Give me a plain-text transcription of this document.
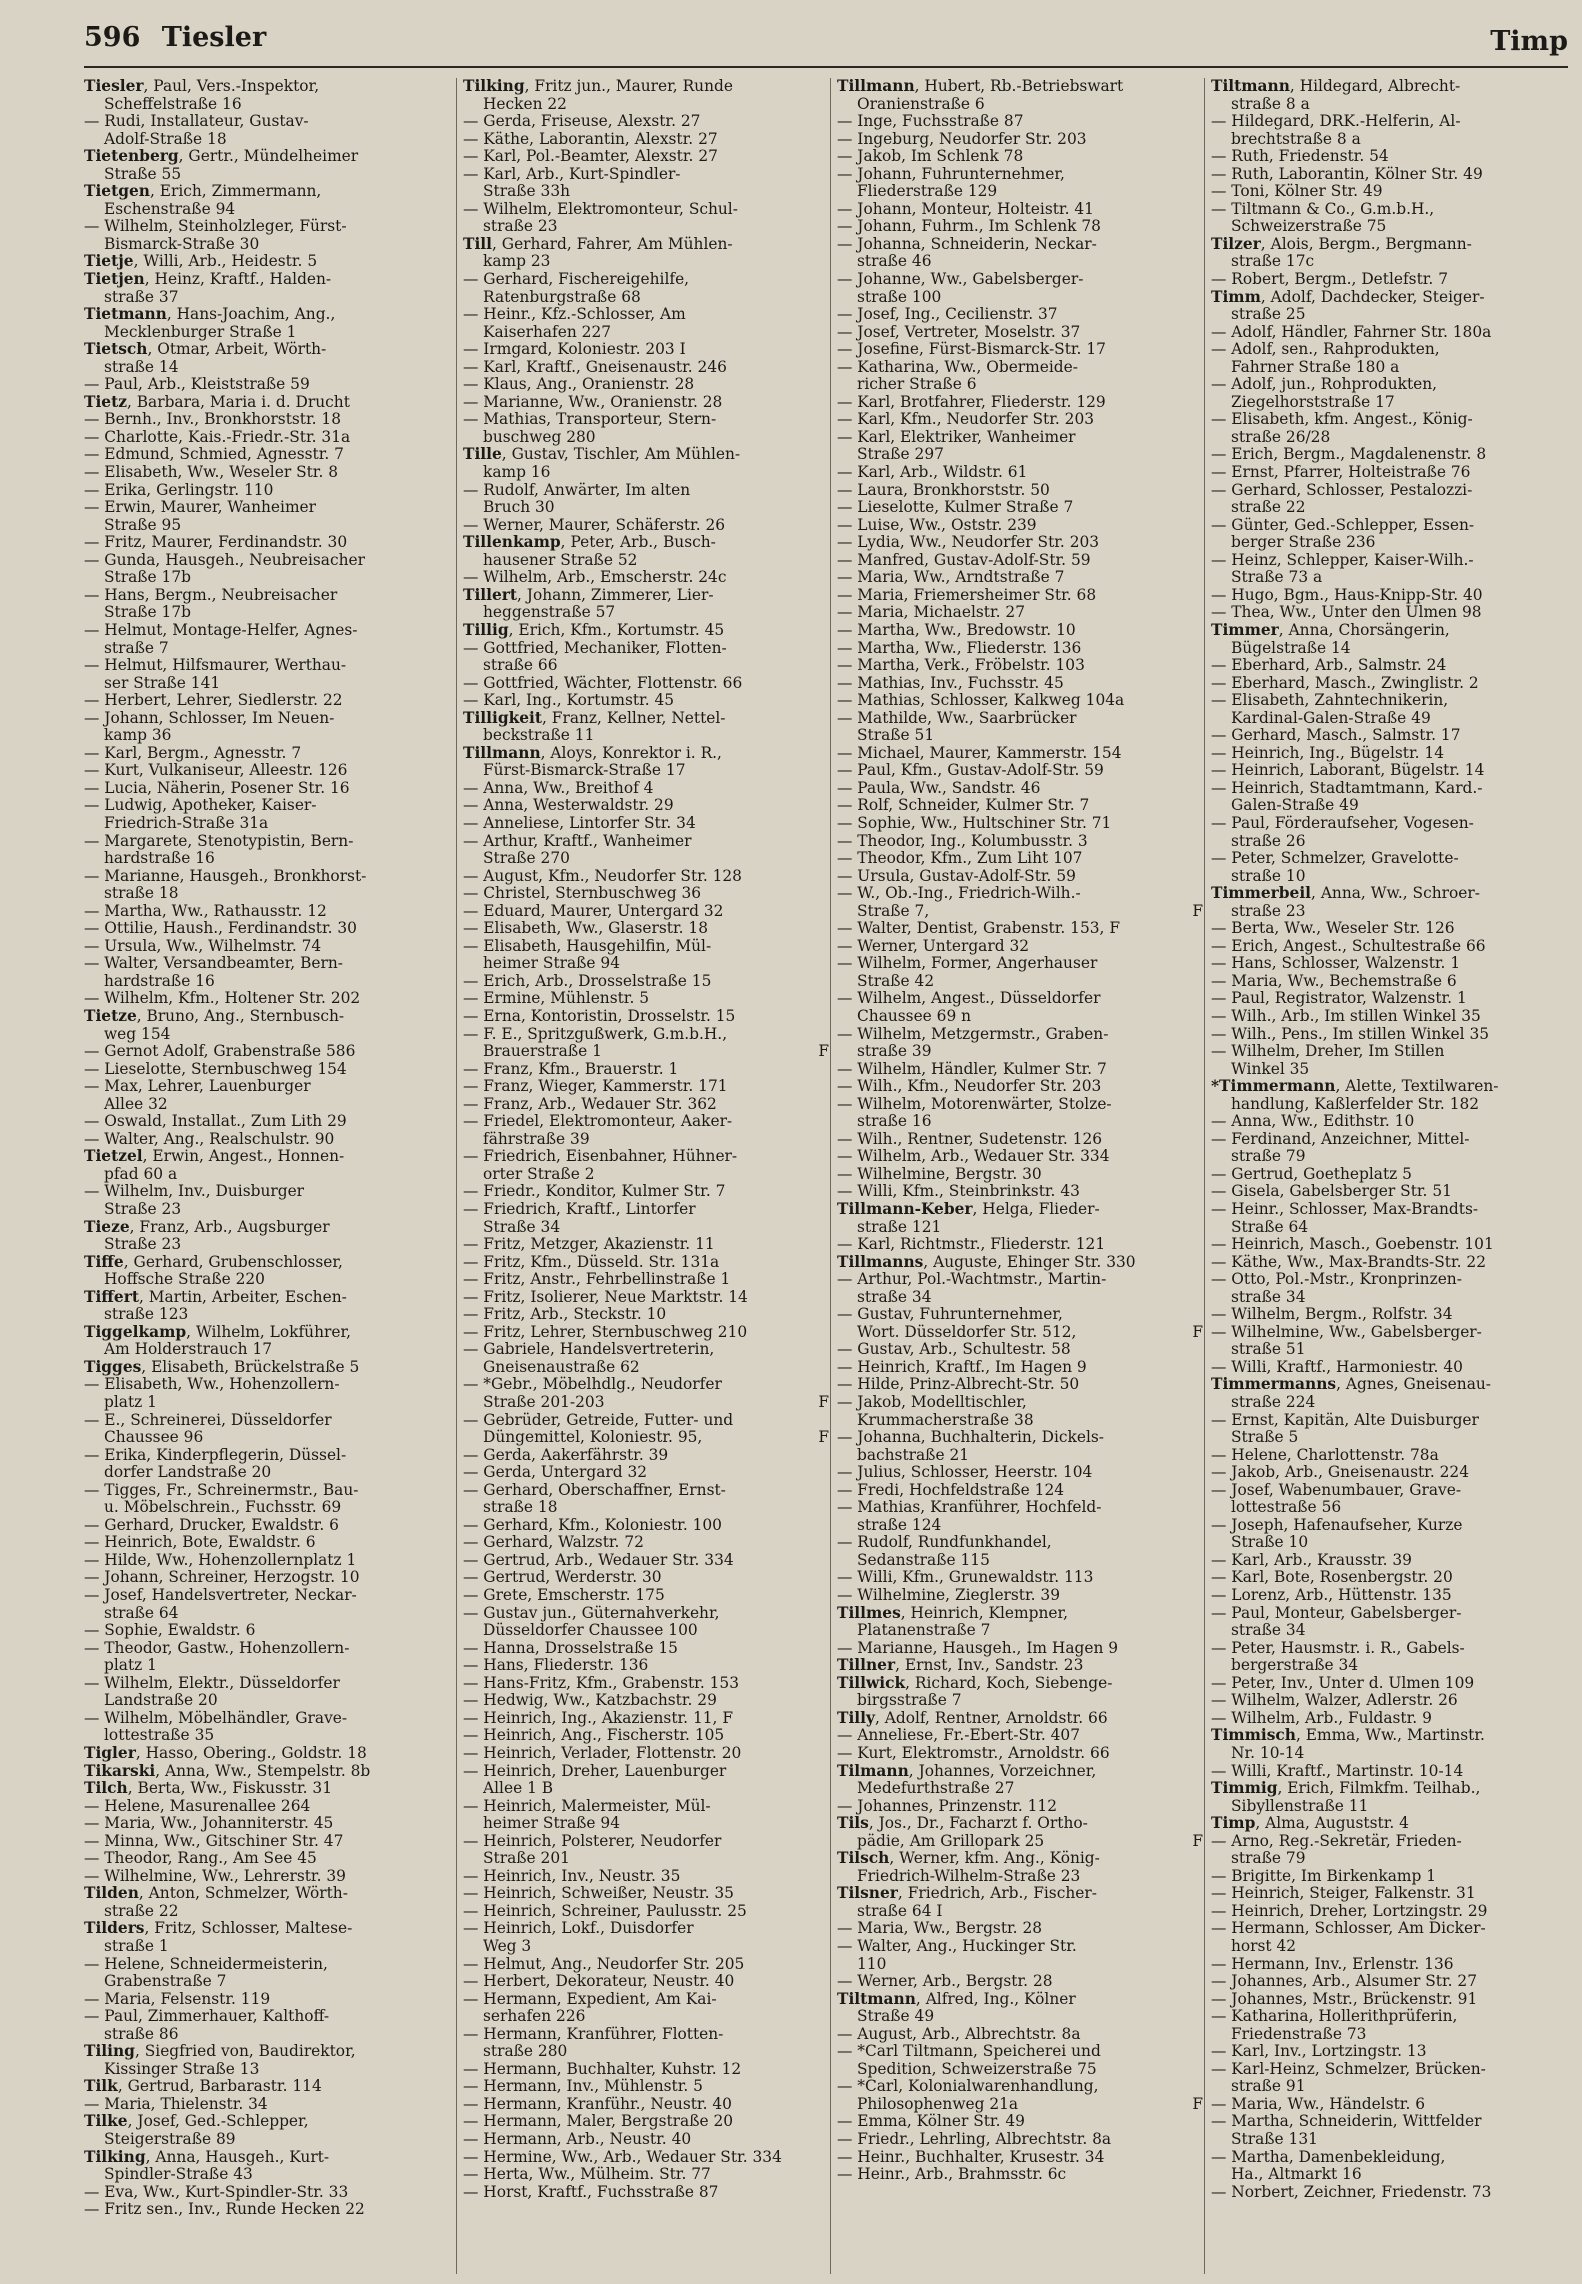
596 Tiesler	Timp
Tiesler, Paul, Vers.-Inspektor,
Scheffelstraße 16
— Rudi, Installateur, Gustav-
Adolf-Straße 18
Tietenberg, Gertr., Mündelheimer
Straße 55
Tietgen, Erich, Zimmermann,
Eschenstraße 94
— Wilhelm, Steinholzleger, Fürst-
Bismarck-Straße 30
Tietje, Willi, Arb., Heidestr. 5
Tietjen, Heinz, Kraftf., Halden-
straße 37
Tietmann, Hans-Joachim, Ang.,
Mecklenburger Straße 1
Tietsch, Otmar, Arbeit, Wörth-
straße 14
— Paul, Arb., Kleiststraße 59
Tietz, Barbara, Maria i. d. Drucht
— Bernh., Inv., Bronkhorststr. 18
— Charlotte, Kais.-Friedr.-Str. 31a
— Edmund, Schmied, Agnesstr. 7
— Elisabeth, Ww., Weseler Str. 8
— Erika, Gerlingstr. 110
— Erwin, Maurer, Wanheimer
Straße 95
— Fritz, Maurer, Ferdinandstr. 30
— Gunda, Hausgeh., Neubreisacher
Straße 17b
— Hans, Bergm., Neubreisacher
Straße 17b
— Helmut, Montage-Helfer, Agnes-
straße 7
— Helmut, Hilfsmaurer, Werthau-
ser Straße 141
— Herbert, Lehrer, Siedlerstr. 22
— Johann, Schlosser, Im Neuen-
kamp 36
— Karl, Bergm., Agnesstr. 7
— Kurt, Vulkaniseur, Alleestr. 126
— Lucia, Näherin, Posener Str. 16
— Ludwig, Apotheker, Kaiser-
Friedrich-Straße 31a
— Margarete, Stenotypistin, Bern-
hardstraße 16
— Marianne, Hausgeh., Bronkhorst-
straße 18
— Martha, Ww., Rathausstr. 12
— Ottilie, Haush., Ferdinandstr. 30
— Ursula, Ww., Wilhelmstr. 74
— Walter, Versandbeamter, Bern-
hardstraße 16
— Wilhelm, Kfm., Holtener Str. 202
Tietze, Bruno, Ang., Sternbusch-
weg 154
— Gernot Adolf, Grabenstraße 586
— Lieselotte, Sternbuschweg 154
— Max, Lehrer, Lauenburger
Allee 32
— Oswald, Installat., Zum Lith 29
— Walter, Ang., Realschulstr. 90
Tietzel, Erwin, Angest., Honnen-
pfad 60 a
— Wilhelm, Inv., Duisburger
Straße 23
Tieze, Franz, Arb., Augsburger
Straße 23
Tiffe, Gerhard, Grubenschlosser,
Hoffsche Straße 220
Tiffert, Martin, Arbeiter, Eschen-
straße 123
Tiggelkamp, Wilhelm, Lokführer,
Am Holderstrauch 17
Tigges, Elisabeth, Brückelstraße 5
— Elisabeth, Ww., Hohenzollern-
platz 1
— E., Schreinerei, Düsseldorfer
Chaussee 96
— Erika, Kinderpflegerin, Düssel-
dorfer Landstraße 20
— Tigges, Fr., Schreinermstr., Bau-
u. Möbelschrein., Fuchsstr. 69
— Gerhard, Drucker, Ewaldstr. 6
— Heinrich, Bote, Ewaldstr. 6
— Hilde, Ww., Hohenzollernplatz 1
— Johann, Schreiner, Herzogstr. 10
— Josef, Handelsvertreter, Neckar-
straße 64
— Sophie, Ewaldstr. 6
— Theodor, Gastw., Hohenzollern-
platz 1
— Wilhelm, Elektr., Düsseldorfer
Landstraße 20
— Wilhelm, Möbelhändler, Grave-
lottestraße 35
Tigler, Hasso, Obering., Goldstr. 18
Tikarski, Anna, Ww., Stempelstr. 8b
Tilch, Berta, Ww., Fiskusstr. 31
— Helene, Masurenallee 264
— Maria, Ww., Johanniterstr. 45
— Minna, Ww., Gitschiner Str. 47
— Theodor, Rang., Am See 45
— Wilhelmine, Ww., Lehrerstr. 39
Tilden, Anton, Schmelzer, Wörth-
straße 22
Tilders, Fritz, Schlosser, Maltese-
straße 1
— Helene, Schneidermeisterin,
Grabenstraße 7
— Maria, Felsenstr. 119
— Paul, Zimmerhauer, Kalthoff-
straße 86
Tiling, Siegfried von, Baudirektor,
Kissinger Straße 13
Tilk, Gertrud, Barbarastr. 114
— Maria, Thielenstr. 34
Tilke, Josef, Ged.-Schlepper,
Steigerstraße 89
Tilking, Anna, Hausgeh., Kurt-
Spindler-Straße 43
— Eva, Ww., Kurt-Spindler-Str. 33
— Fritz sen., Inv., Runde Hecken 22
Tilking, Fritz jun., Maurer, Runde
Hecken 22
— Gerda, Friseuse, Alexstr. 27
— Käthe, Laborantin, Alexstr. 27
— Karl, Pol.-Beamter, Alexstr. 27
— Karl, Arb., Kurt-Spindler-
Straße 33h
— Wilhelm, Elektromonteur, Schul-
straße 23
Till, Gerhard, Fahrer, Am Mühlen-
kamp 23
— Gerhard, Fischereigehilfe,
Ratenburgstraße 68
— Heinr., Kfz.-Schlosser, Am
Kaiserhafen 227
— Irmgard, Koloniestr. 203 I
— Karl, Kraftf., Gneisenaustr. 246
— Klaus, Ang., Oranienstr. 28
— Marianne, Ww., Oranienstr. 28
— Mathias, Transporteur, Stern-
buschweg 280
Tille, Gustav, Tischler, Am Mühlen-
kamp 16
— Rudolf, Anwärter, Im alten
Bruch 30
— Werner, Maurer, Schäferstr. 26
Tillenkamp, Peter, Arb., Busch-
hausener Straße 52
— Wilhelm, Arb., Emscherstr. 24c
Tillert, Johann, Zimmerer, Lier-
heggenstraße 57
Tillig, Erich, Kfm., Kortumstr. 45
— Gottfried, Mechaniker, Flotten-
straße 66
— Gottfried, Wächter, Flottenstr. 66
— Karl, Ing., Kortumstr. 45
Tilligkeit, Franz, Kellner, Nettel-
beckstraße 11
Tillmann, Aloys, Konrektor i. R.,
Fürst-Bismarck-Straße 17
— Anna, Ww., Breithof 4
— Anna, Westerwaldstr. 29
— Anneliese, Lintorfer Str. 34
— Arthur, Kraftf., Wanheimer
Straße 270
— August, Kfm., Neudorfer Str. 128
— Christel, Sternbuschweg 36
— Eduard, Maurer, Untergard 32
— Elisabeth, Ww., Glaserstr. 18
— Elisabeth, Hausgehilfin, Mül-
heimer Straße 94
— Erich, Arb., Drosselstraße 15
— Ermine, Mühlenstr. 5
— Erna, Kontoristin, Drosselstr. 15
— F. E., Spritzgußwerk, G.m.b.H.,
Brauerstraße 1	F
— Franz, Kfm., Brauerstr. 1
— Franz, Wieger, Kammerstr. 171
— Franz, Arb., Wedauer Str. 362
— Friedel, Elektromonteur, Aaker-
fährstraße 39
— Friedrich, Eisenbahner, Hühner-
orter Straße 2
— Friedr., Konditor, Kulmer Str. 7
— Friedrich, Kraftf., Lintorfer
Straße 34
— Fritz, Metzger, Akazienstr. 11
— Fritz, Kfm., Düsseld. Str. 131a
— Fritz, Anstr., Fehrbellinstraße 1
— Fritz, Isolierer, Neue Marktstr. 14
— Fritz, Arb., Steckstr. 10
— Fritz, Lehrer, Sternbuschweg 210
— Gabriele, Handelsvertreterin,
Gneisenaustraße 62
— *Gebr., Möbelhdlg., Neudorfer
Straße 201-203	F
— Gebrüder, Getreide, Futter- und
Düngemittel, Koloniestr. 95,	F
— Gerda, Aakerfährstr. 39
— Gerda, Untergard 32
— Gerhard, Oberschaffner, Ernst-
straße 18
— Gerhard, Kfm., Koloniestr. 100
— Gerhard, Walzstr. 72
— Gertrud, Arb., Wedauer Str. 334
— Gertrud, Werderstr. 30
— Grete, Emscherstr. 175
— Gustav jun., Güternahverkehr,
Düsseldorfer Chaussee 100
— Hanna, Drosselstraße 15
— Hans, Fliederstr. 136
— Hans-Fritz, Kfm., Grabenstr. 153
— Hedwig, Ww., Katzbachstr. 29
— Heinrich, Ing., Akazienstr. 11, F
— Heinrich, Ang., Fischerstr. 105
— Heinrich, Verlader, Flottenstr. 20
— Heinrich, Dreher, Lauenburger
Allee 1 B
— Heinrich, Malermeister, Mül-
heimer Straße 94
— Heinrich, Polsterer, Neudorfer
Straße 201
— Heinrich, Inv., Neustr. 35
— Heinrich, Schweißer, Neustr. 35
— Heinrich, Schreiner, Paulusstr. 25
— Heinrich, Lokf., Duisdorfer
Weg 3
— Helmut, Ang., Neudorfer Str. 205
— Herbert, Dekorateur, Neustr. 40
— Hermann, Expedient, Am Kai-
serhafen 226
— Hermann, Kranführer, Flotten-
straße 280
— Hermann, Buchhalter, Kuhstr. 12
— Hermann, Inv., Mühlenstr. 5
— Hermann, Kranführ., Neustr. 40
— Hermann, Maler, Bergstraße 20
— Hermann, Arb., Neustr. 40
— Hermine, Ww., Arb., Wedauer Str. 334
— Herta, Ww., Mülheim. Str. 77
— Horst, Kraftf., Fuchsstraße 87
Tillmann, Hubert, Rb.-Betriebswart
Oranienstraße 6
— Inge, Fuchsstraße 87
— Ingeburg, Neudorfer Str. 203
— Jakob, Im Schlenk 78
— Johann, Fuhrunternehmer,
Fliederstraße 129
— Johann, Monteur, Holteistr. 41
— Johann, Fuhrm., Im Schlenk 78
— Johanna, Schneiderin, Neckar-
straße 46
— Johanne, Ww., Gabelsberger-
straße 100
— Josef, Ing., Cecilienstr. 37
— Josef, Vertreter, Moselstr. 37
— Josefine, Fürst-Bismarck-Str. 17
— Katharina, Ww., Obermeide-
richer Straße 6
— Karl, Brotfahrer, Fliederstr. 129
— Karl, Kfm., Neudorfer Str. 203
— Karl, Elektriker, Wanheimer
Straße 297
— Karl, Arb., Wildstr. 61
— Laura, Bronkhorststr. 50
— Lieselotte, Kulmer Straße 7
— Luise, Ww., Oststr. 239
— Lydia, Ww., Neudorfer Str. 203
— Manfred, Gustav-Adolf-Str. 59
— Maria, Ww., Arndtstraße 7
— Maria, Friemersheimer Str. 68
— Maria, Michaelstr. 27
— Martha, Ww., Bredowstr. 10
— Martha, Ww., Fliederstr. 136
— Martha, Verk., Fröbelstr. 103
— Mathias, Inv., Fuchsstr. 45
— Mathias, Schlosser, Kalkweg 104a
— Mathilde, Ww., Saarbrücker
Straße 51
— Michael, Maurer, Kammerstr. 154
— Paul, Kfm., Gustav-Adolf-Str. 59
— Paula, Ww., Sandstr. 46
— Rolf, Schneider, Kulmer Str. 7
— Sophie, Ww., Hultschiner Str. 71
— Theodor, Ing., Kolumbusstr. 3
— Theodor, Kfm., Zum Liht 107
— Ursula, Gustav-Adolf-Str. 59
— W., Ob.-Ing., Friedrich-Wilh.-
Straße 7,	F
— Walter, Dentist, Grabenstr. 153, F
— Werner, Untergard 32
— Wilhelm, Former, Angerhauser
Straße 42
— Wilhelm, Angest., Düsseldorfer
Chaussee 69 n
— Wilhelm, Metzgermstr., Graben-
straße 39
— Wilhelm, Händler, Kulmer Str. 7
— Wilh., Kfm., Neudorfer Str. 203
— Wilhelm, Motorenwärter, Stolze-
straße 16
— Wilh., Rentner, Sudetenstr. 126
— Wilhelm, Arb., Wedauer Str. 334
— Wilhelmine, Bergstr. 30
— Willi, Kfm., Steinbrinkstr. 43
Tillmann-Keber, Helga, Flieder-
straße 121
— Karl, Richtmstr., Fliederstr. 121
Tillmanns, Auguste, Ehinger Str. 330
— Arthur, Pol.-Wachtmstr., Martin-
straße 34
— Gustav, Fuhrunternehmer,
Wort. Düsseldorfer Str. 512,	F
— Gustav, Arb., Schultestr. 58
— Heinrich, Kraftf., Im Hagen 9
— Hilde, Prinz-Albrecht-Str. 50
— Jakob, Modelltischler,
Krummacherstraße 38
— Johanna, Buchhalterin, Dickels-
bachstraße 21
— Julius, Schlosser, Heerstr. 104
— Fredi, Hochfeldstraße 124
— Mathias, Kranführer, Hochfeld-
straße 124
— Rudolf, Rundfunkhandel,
Sedanstraße 115
— Willi, Kfm., Grunewaldstr. 113
— Wilhelmine, Zieglerstr. 39
Tillmes, Heinrich, Klempner,
Platanenstraße 7
— Marianne, Hausgeh., Im Hagen 9
Tillner, Ernst, Inv., Sandstr. 23
Tillwick, Richard, Koch, Siebenge-
birgsstraße 7
Tilly, Adolf, Rentner, Arnoldstr. 66
— Anneliese, Fr.-Ebert-Str. 407
— Kurt, Elektromstr., Arnoldstr. 66
Tilmann, Johannes, Vorzeichner,
Medefurthstraße 27
— Johannes, Prinzenstr. 112
Tils, Jos., Dr., Facharzt f. Ortho-
pädie, Am Grillopark 25	F
Tilsch, Werner, kfm. Ang., König-
Friedrich-Wilhelm-Straße 23
Tilsner, Friedrich, Arb., Fischer-
straße 64 I
— Maria, Ww., Bergstr. 28
— Walter, Ang., Huckinger Str.
110
— Werner, Arb., Bergstr. 28
Tiltmann, Alfred, Ing., Kölner
Straße 49
— August, Arb., Albrechtstr. 8a
— *Carl Tiltmann, Speicherei und
Spedition, Schweizerstraße 75
— *Carl, Kolonialwarenhandlung,
Philosophenweg 21a	F
— Emma, Kölner Str. 49
— Friedr., Lehrling, Albrechtstr. 8a
— Heinr., Buchhalter, Krusestr. 34
— Heinr., Arb., Brahmsstr. 6c
Tiltmann, Hildegard, Albrecht-
straße 8 a
— Hildegard, DRK.-Helferin, Al-
brechtstraße 8 a
— Ruth, Friedenstr. 54
— Ruth, Laborantin, Kölner Str. 49
— Toni, Kölner Str. 49
— Tiltmann & Co., G.m.b.H.,
Schweizerstraße 75
Tilzer, Alois, Bergm., Bergmann-
straße 17c
— Robert, Bergm., Detlefstr. 7
Timm, Adolf, Dachdecker, Steiger-
straße 25
— Adolf, Händler, Fahrner Str. 180a
— Adolf, sen., Rahprodukten,
Fahrner Straße 180 a
— Adolf, jun., Rohprodukten,
Ziegelhorststraße 17
— Elisabeth, kfm. Angest., König-
straße 26/28
— Erich, Bergm., Magdalenenstr. 8
— Ernst, Pfarrer, Holteistraße 76
— Gerhard, Schlosser, Pestalozzi-
straße 22
— Günter, Ged.-Schlepper, Essen-
berger Straße 236
— Heinz, Schlepper, Kaiser-Wilh.-
Straße 73 a
— Hugo, Bgm., Haus-Knipp-Str. 40
— Thea, Ww., Unter den Ulmen 98
Timmer, Anna, Chorsängerin,
Bügelstraße 14
— Eberhard, Arb., Salmstr. 24
— Eberhard, Masch., Zwinglistr. 2
— Elisabeth, Zahntechnikerin,
Kardinal-Galen-Straße 49
— Gerhard, Masch., Salmstr. 17
— Heinrich, Ing., Bügelstr. 14
— Heinrich, Laborant, Bügelstr. 14
— Heinrich, Stadtamtmann, Kard.-
Galen-Straße 49
— Paul, Förderaufseher, Vogesen-
straße 26
— Peter, Schmelzer, Gravelotte-
straße 10
Timmerbeil, Anna, Ww., Schroer-
straße 23
— Berta, Ww., Weseler Str. 126
— Erich, Angest., Schultestraße 66
— Hans, Schlosser, Walzenstr. 1
— Maria, Ww., Bechemstraße 6
— Paul, Registrator, Walzenstr. 1
— Wilh., Arb., Im stillen Winkel 35
— Wilh., Pens., Im stillen Winkel 35
— Wilhelm, Dreher, Im Stillen
Winkel 35
*Timmermann, Alette, Textilwaren-
handlung, Kaßlerfelder Str. 182
— Anna, Ww., Edithstr. 10
— Ferdinand, Anzeichner, Mittel-
straße 79
— Gertrud, Goetheplatz 5
— Gisela, Gabelsberger Str. 51
— Heinr., Schlosser, Max-Brandts-
Straße 64
— Heinrich, Masch., Goebenstr. 101
— Käthe, Ww., Max-Brandts-Str. 22
— Otto, Pol.-Mstr., Kronprinzen-
straße 34
— Wilhelm, Bergm., Rolfstr. 34
— Wilhelmine, Ww., Gabelsberger-
straße 51
— Willi, Kraftf., Harmoniestr. 40
Timmermanns, Agnes, Gneisenau-
straße 224
— Ernst, Kapitän, Alte Duisburger
Straße 5
— Helene, Charlottenstr. 78a
— Jakob, Arb., Gneisenaustr. 224
— Josef, Wabenumbauer, Grave-
lottestraße 56
— Joseph, Hafenaufseher, Kurze
Straße 10
— Karl, Arb., Krausstr. 39
— Karl, Bote, Rosenbergstr. 20
— Lorenz, Arb., Hüttenstr. 135
— Paul, Monteur, Gabelsberger-
straße 34
— Peter, Hausmstr. i. R., Gabels-
bergerstraße 34
— Peter, Inv., Unter d. Ulmen 109
— Wilhelm, Walzer, Adlerstr. 26
— Wilhelm, Arb., Fuldastr. 9
Timmisch, Emma, Ww., Martinstr.
Nr. 10-14
— Willi, Kraftf., Martinstr. 10-14
Timmig, Erich, Filmkfm. Teilhab.,
Sibyllenstraße 11
Timp, Alma, Auguststr. 4
— Arno, Reg.-Sekretär, Frieden-
straße 79
— Brigitte, Im Birkenkamp 1
— Heinrich, Steiger, Falkenstr. 31
— Heinrich, Dreher, Lortzingstr. 29
— Hermann, Schlosser, Am Dicker-
horst 42
— Hermann, Inv., Erlenstr. 136
— Johannes, Arb., Alsumer Str. 27
— Johannes, Mstr., Brückenstr. 91
— Katharina, Hollerithprüferin,
Friedenstraße 73
— Karl, Inv., Lortzingstr. 13
— Karl-Heinz, Schmelzer, Brücken-
straße 91
— Maria, Ww., Händelstr. 6
— Martha, Schneiderin, Wittfelder
Straße 131
— Martha, Damenbekleidung,
Ha., Altmarkt 16
— Norbert, Zeichner, Friedenstr. 73
